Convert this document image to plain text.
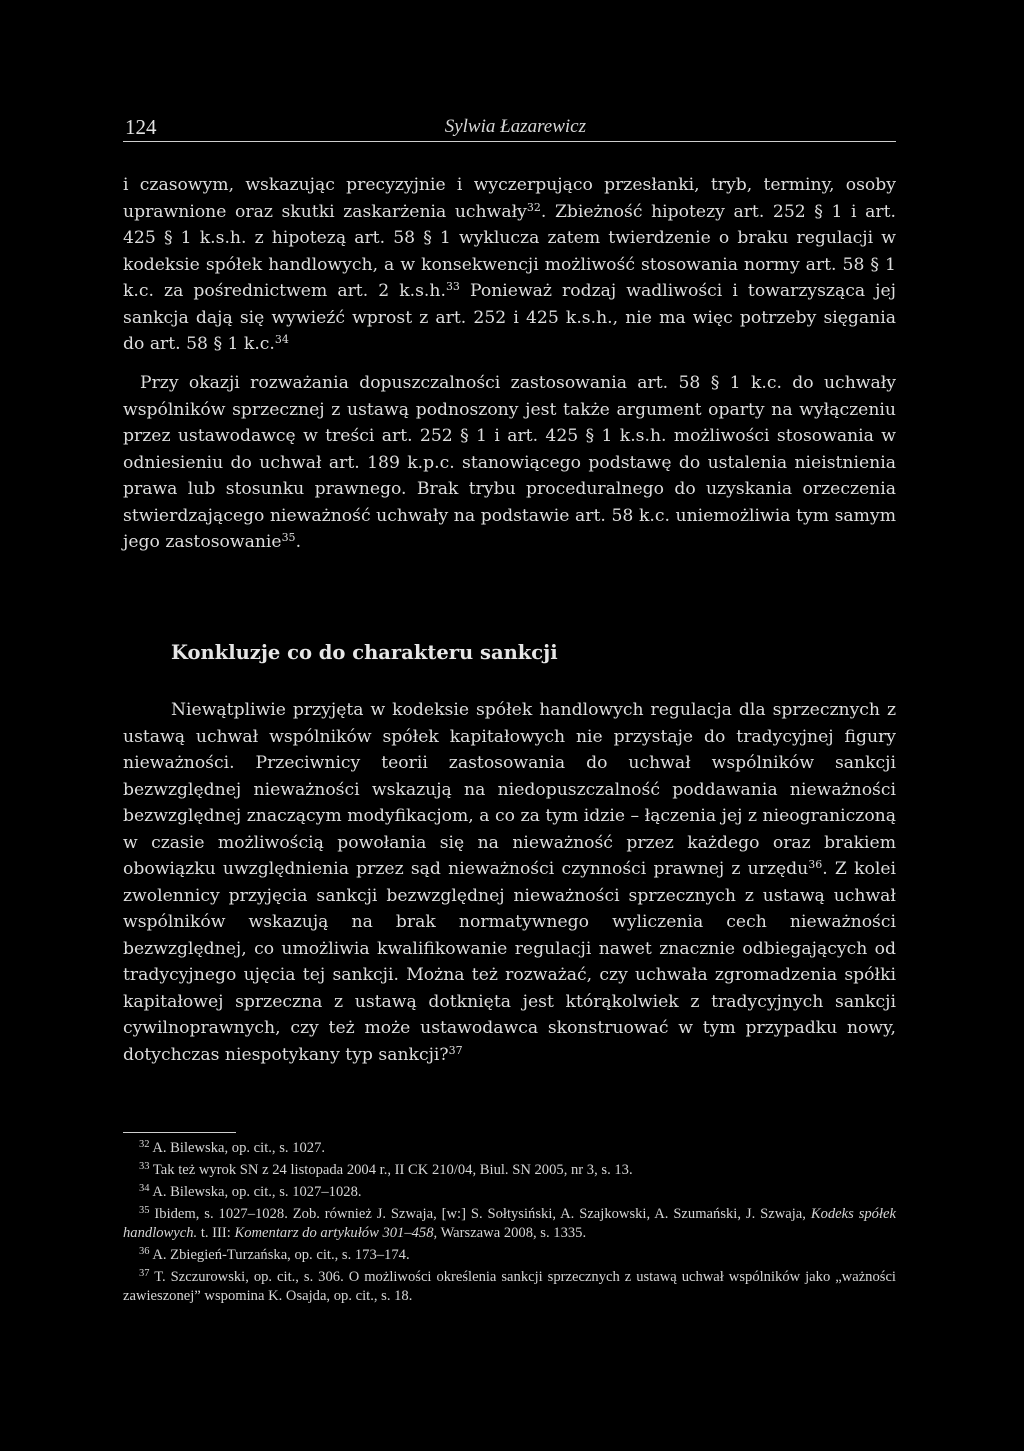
124	Sylwia Łazarewicz

i czasowym, wskazując precyzyjnie i wyczerpująco przesłanki, tryb, terminy, osoby uprawnione oraz skutki zaskarżenia uchwały$^{32}$. Zbieżność hipotezy art. 252 § 1 i art. 425 § 1 k.s.h. z hipotezą art. 58 § 1 wyklucza zatem twierdzenie o braku regulacji w kodeksie spółek handlowych, a w konsekwencji możliwość stosowania normy art. 58 § 1 k.c. za pośrednictwem art. 2 k.s.h.$^{33}$ Ponieważ rodzaj wadliwości i towarzysząca jej sankcja dają się wywieźć wprost z art. 252 i 425 k.s.h., nie ma więc potrzeby sięgania do art. 58 § 1 k.c.$^{34}$

Przy okazji rozważania dopuszczalności zastosowania art. 58 § 1 k.c. do uchwały wspólników sprzecznej z ustawą podnoszony jest także argument oparty na wyłączeniu przez ustawodawcę w treści art. 252 § 1 i art. 425 § 1 k.s.h. możliwości stosowania w odniesieniu do uchwał art. 189 k.p.c. stanowiącego podstawę do ustalenia nieistnienia prawa lub stosunku prawnego. Brak trybu proceduralnego do uzyskania orzeczenia stwierdzającego nieważność uchwały na podstawie art. 58 k.c. uniemożliwia tym samym jego zastosowanie$^{35}$.

Konkluzje co do charakteru sankcji

Niewątpliwie przyjęta w kodeksie spółek handlowych regulacja dla sprzecznych z ustawą uchwał wspólników spółek kapitałowych nie przystaje do tradycyjnej figury nieważności. Przeciwnicy teorii zastosowania do uchwał wspólników sankcji bezwzględnej nieważności wskazują na niedopuszczalność poddawania nieważności bezwzględnej znaczącym modyfikacjom, a co za tym idzie – łączenia jej z nieograniczoną w czasie możliwością powołania się na nieważność przez każdego oraz brakiem obowiązku uwzględnienia przez sąd nieważności czynności prawnej z urzędu$^{36}$. Z kolei zwolennicy przyjęcia sankcji bezwzględnej nieważności sprzecznych z ustawą uchwał wspólników wskazują na brak normatywnego wyliczenia cech nieważności bezwzględnej, co umożliwia kwalifikowanie regulacji nawet znacznie odbiegających od tradycyjnego ujęcia tej sankcji. Można też rozważać, czy uchwała zgromadzenia spółki kapitałowej sprzeczna z ustawą dotknięta jest którąkolwiek z tradycyjnych sankcji cywilnoprawnych, czy też może ustawodawca skonstruować w tym przypadku nowy, dotychczas niespotykany typ sankcji?$^{37}$

$^{32}$ A. Bilewska, op. cit., s. 1027.

$^{33}$ Tak też wyrok SN z 24 listopada 2004 r., II CK 210/04, Biul. SN 2005, nr 3, s. 13.

$^{34}$ A. Bilewska, op. cit., s. 1027–1028.

$^{35}$ Ibidem, s. 1027–1028. Zob. również J. Szwaja, [w:] S. Sołtysiński, A. Szajkowski, A. Szumański, J. Szwaja, Kodeks spółek handlowych. t. III: Komentarz do artykułów 301–458, Warszawa 2008, s. 1335.

$^{36}$ A. Zbiegień-Turzańska, op. cit., s. 173–174.

$^{37}$ T. Szczurowski, op. cit., s. 306. O możliwości określenia sankcji sprzecznych z ustawą uchwał wspólników jako „ważności zawieszonej” wspomina K. Osajda, op. cit., s. 18.
